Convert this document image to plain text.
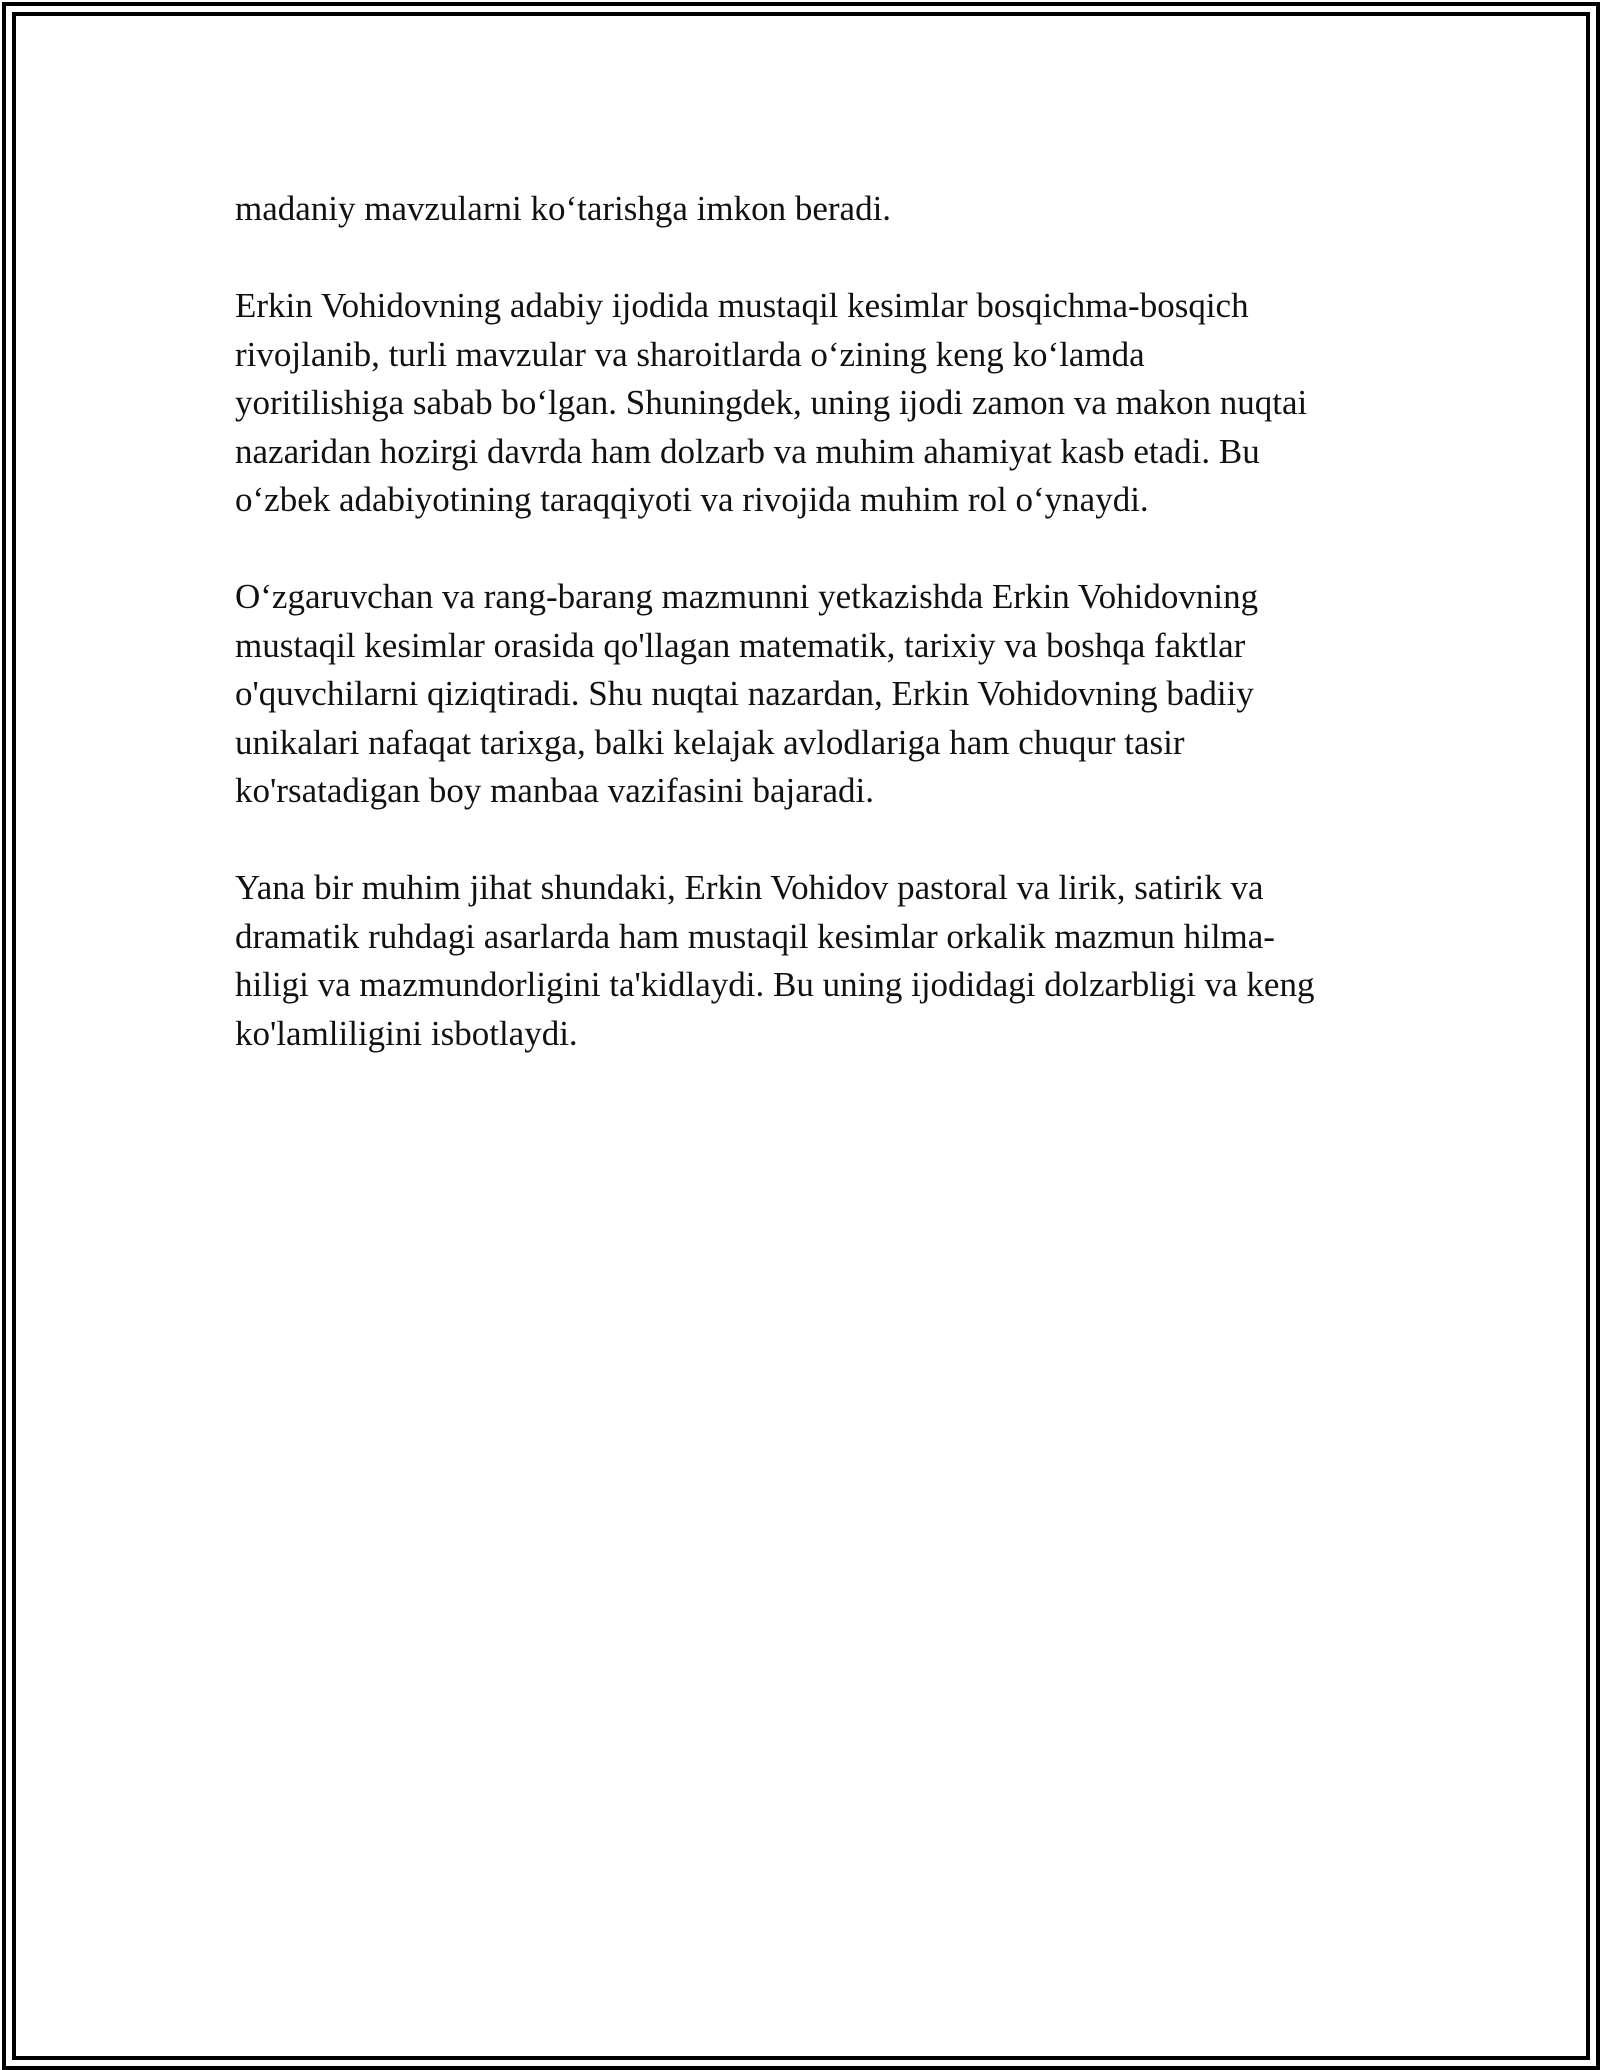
madaniy mavzularni ko‘tarishga imkon beradi.

Erkin Vohidovning adabiy ijodida mustaqil kesimlar bosqichma-bosqich
rivojlanib, turli mavzular va sharoitlarda o‘zining keng ko‘lamda
yoritilishiga sabab bo‘lgan. Shuningdek, uning ijodi zamon va makon nuqtai
nazaridan hozirgi davrda ham dolzarb va muhim ahamiyat kasb etadi. Bu
o‘zbek adabiyotining taraqqiyoti va rivojida muhim rol o‘ynaydi.

O‘zgaruvchan va rang-barang mazmunni yetkazishda Erkin Vohidovning
mustaqil kesimlar orasida qo'llagan matematik, tarixiy va boshqa faktlar
o'quvchilarni qiziqtiradi. Shu nuqtai nazardan, Erkin Vohidovning badiiy
unikalari nafaqat tarixga, balki kelajak avlodlariga ham chuqur tasir
ko'rsatadigan boy manbaa vazifasini bajaradi.

Yana bir muhim jihat shundaki, Erkin Vohidov pastoral va lirik, satirik va
dramatik ruhdagi asarlarda ham mustaqil kesimlar orkalik mazmun hilma-
hiligi va mazmundorligini ta'kidlaydi. Bu uning ijodidagi dolzarbligi va keng
ko'lamliligini isbotlaydi.
